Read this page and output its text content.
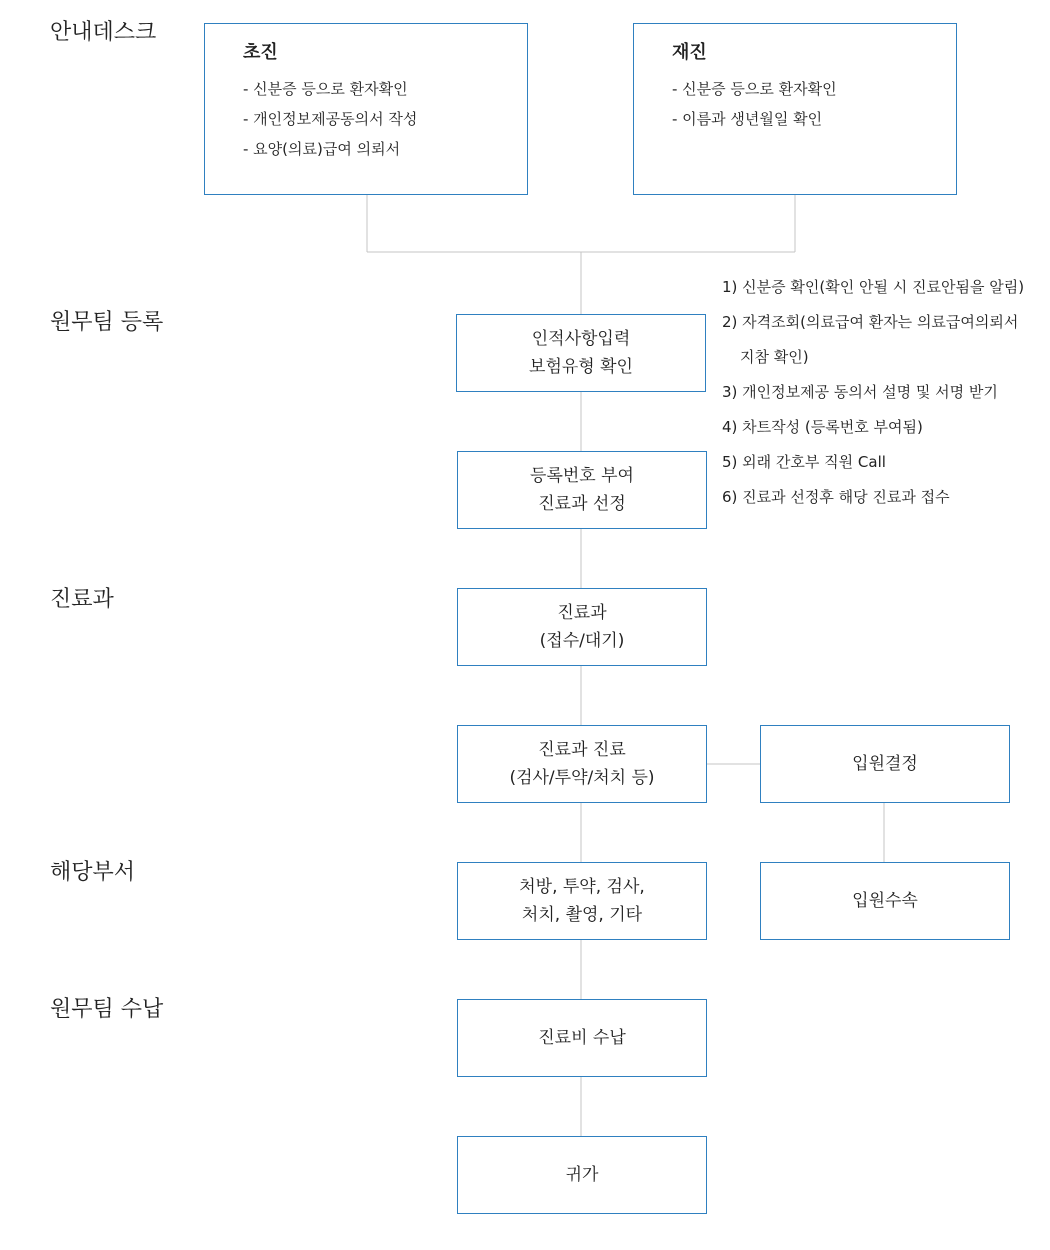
안내데스크
원무팀 등록
진료과
해당부서
원무팀 수납
초진
- 신분증 등으로 환자확인
- 개인정보제공동의서 작성
- 요양(의료)급여 의뢰서
재진
- 신분증 등으로 환자확인
- 이름과 생년월일 확인
인적사항입력
보험유형 확인
등록번호 부여
진료과 선정
진료과
(접수/대기)
진료과 진료
(검사/투약/처치 등)
입원결정
처방, 투약, 검사,
처치, 촬영, 기타
입원수속
진료비 수납
귀가
1) 신분증 확인(확인 안될 시 진료안됨을 알림)
2) 자격조회(의료급여 환자는 의료급여의뢰서
지참 확인)
3) 개인정보제공 동의서 설명 및 서명 받기
4) 차트작성 (등록번호 부여됨)
5) 외래 간호부 직원 Call
6) 진료과 선정후 해당 진료과 접수
